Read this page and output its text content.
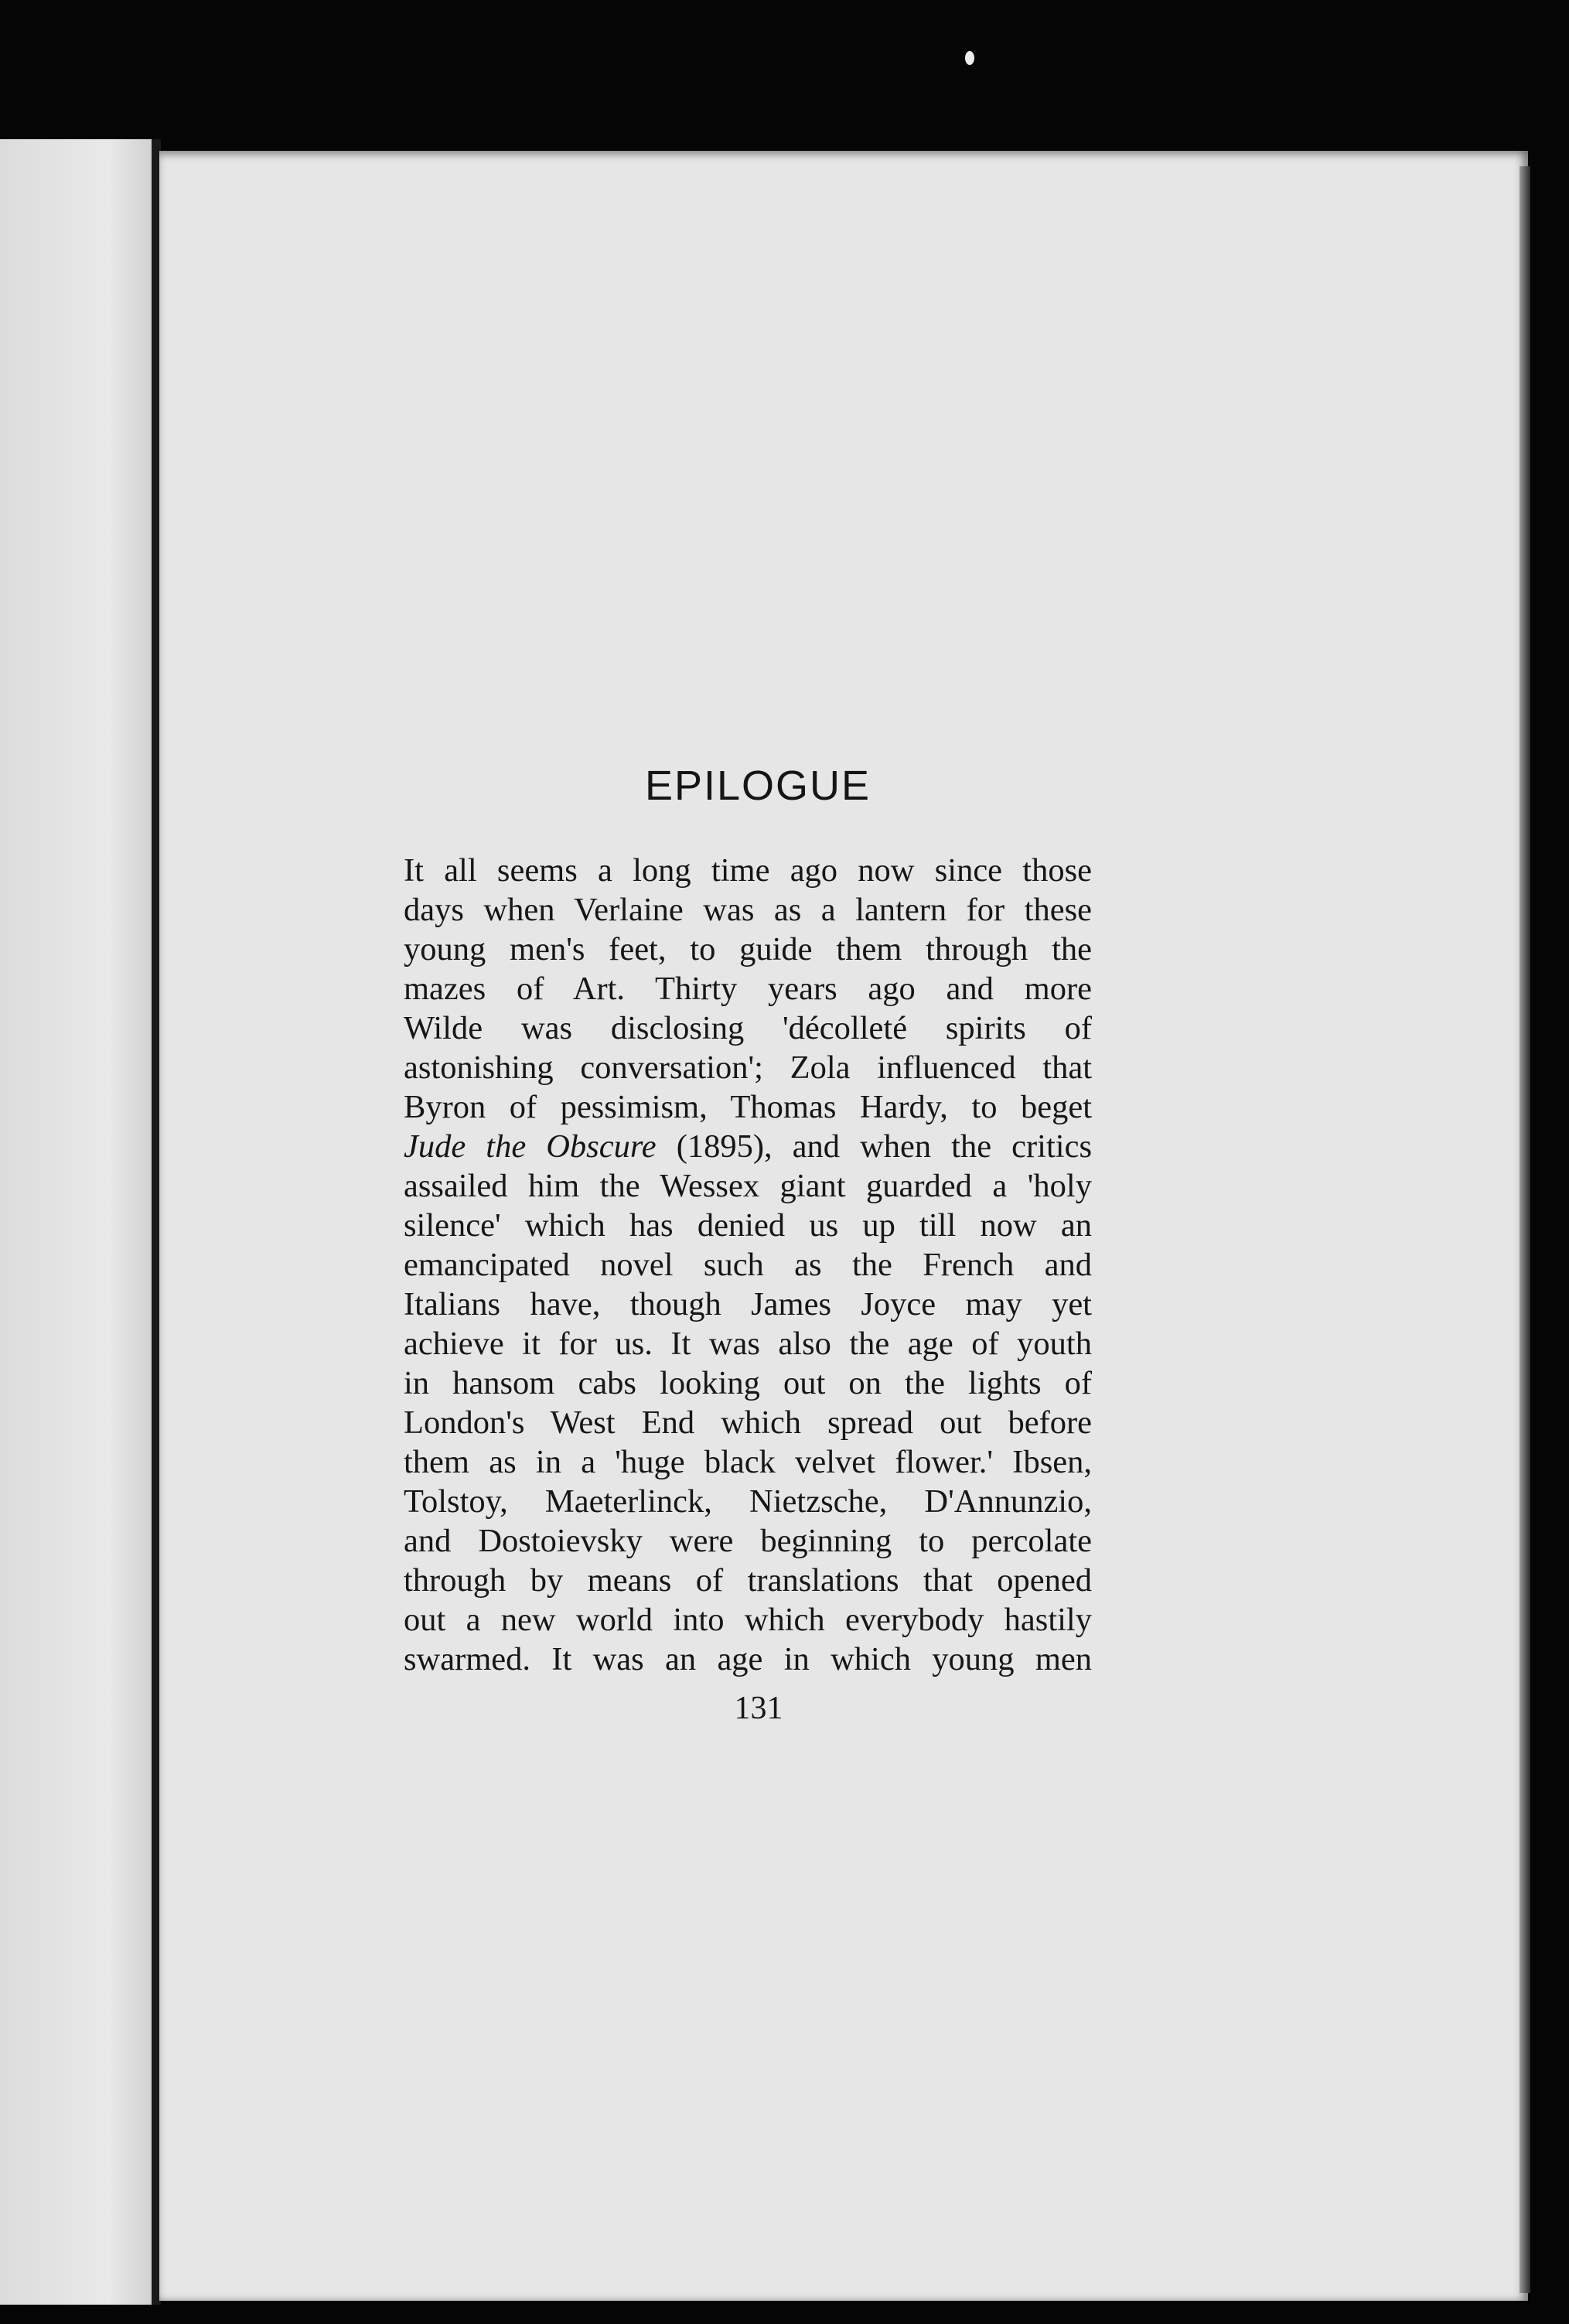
EPILOGUE
It all seems a long time ago now since those
days when Verlaine was as a lantern for these
young men's feet, to guide them through the
mazes of Art. Thirty years ago and more
Wilde was disclosing 'décolleté spirits of
astonishing conversation'; Zola influenced that
Byron of pessimism, Thomas Hardy, to beget
Jude the Obscure (1895), and when the critics
assailed him the Wessex giant guarded a 'holy
silence' which has denied us up till now an
emancipated novel such as the French and
Italians have, though James Joyce may yet
achieve it for us. It was also the age of youth
in hansom cabs looking out on the lights of
London's West End which spread out before
them as in a 'huge black velvet flower.' Ibsen,
Tolstoy, Maeterlinck, Nietzsche, D'Annunzio,
and Dostoievsky were beginning to percolate
through by means of translations that opened
out a new world into which everybody hastily
swarmed. It was an age in which young men
131
